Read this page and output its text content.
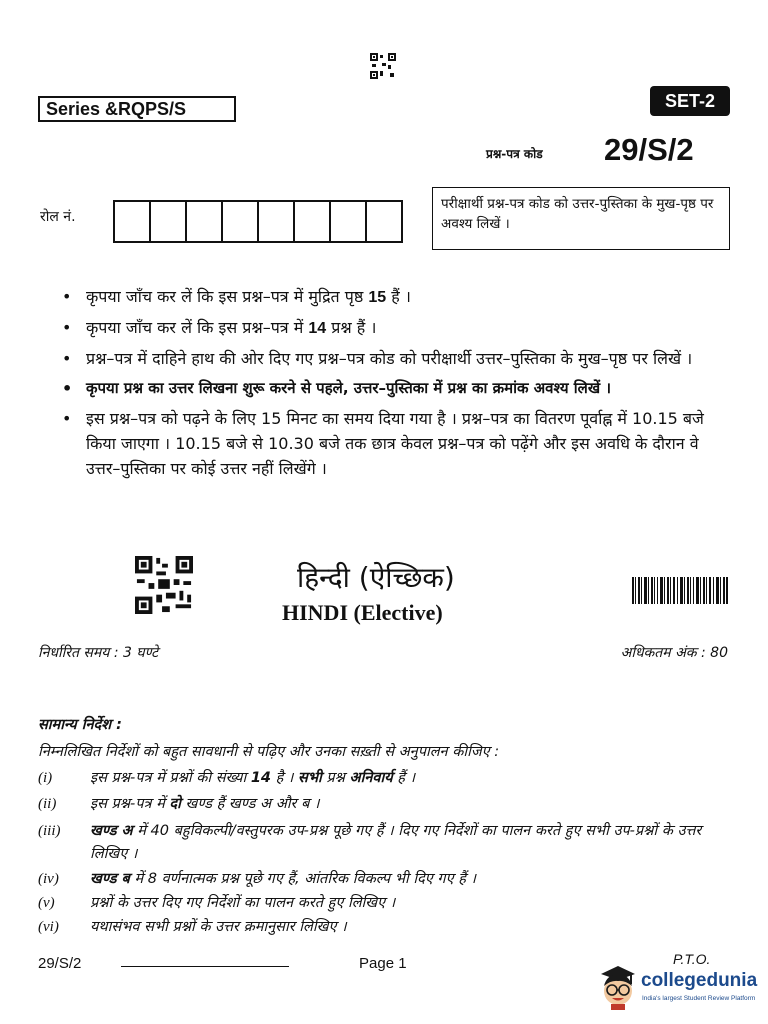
Series &RQPS/S	SET-2
प्रश्न-पत्र कोड 29/S/2
रोल नं.
परीक्षार्थी प्रश्न-पत्र कोड को उत्तर-पुस्तिका के मुख-पृष्ठ पर अवश्य लिखें ।
• कृपया जाँच कर लें कि इस प्रश्न–पत्र में मुद्रित पृष्ठ 15 हैं ।
• कृपया जाँच कर लें कि इस प्रश्न–पत्र में 14 प्रश्न हैं ।
• प्रश्न–पत्र में दाहिने हाथ की ओर दिए गए प्रश्न–पत्र कोड को परीक्षार्थी उत्तर–पुस्तिका के मुख–पृष्ठ पर लिखें ।
• कृपया प्रश्न का उत्तर लिखना शुरू करने से पहले, उत्तर–पुस्तिका में प्रश्न का क्रमांक अवश्य लिखें ।
• इस प्रश्न–पत्र को पढ़ने के लिए 15 मिनट का समय दिया गया है । प्रश्न–पत्र का वितरण पूर्वाह्न में 10.15 बजे किया जाएगा । 10.15 बजे से 10.30 बजे तक छात्र केवल प्रश्न–पत्र को पढ़ेंगे और इस अवधि के दौरान वे उत्तर–पुस्तिका पर कोई उत्तर नहीं लिखेंगे ।
हिन्दी (ऐच्छिक)
HINDI (Elective)
निर्धारित समय : 3 घण्टे	अधिकतम अंक : 80
सामान्य निर्देश :
निम्नलिखित निर्देशों को बहुत सावधानी से पढ़िए और उनका सख़्ती से अनुपालन कीजिए :
(i)	इस प्रश्न-पत्र में प्रश्नों की संख्या 14 है । सभी प्रश्न अनिवार्य हैं ।
(ii) इस प्रश्न-पत्र में दो खण्ड हैं खण्ड अ और ब ।
(iii) खण्ड अ में 40 बहुविकल्पी/वस्तुपरक उप-प्रश्न पूछे गए हैं । दिए गए निर्देशों का पालन करते हुए सभी उप-प्रश्नों के उत्तर लिखिए ।
(iv) खण्ड ब में 8 वर्णनात्मक प्रश्न पूछे गए हैं, आंतरिक विकल्प भी दिए गए हैं ।
(v) प्रश्नों के उत्तर दिए गए निर्देशों का पालन करते हुए लिखिए ।
(vi) यथासंभव सभी प्रश्नों के उत्तर क्रमानुसार लिखिए ।
29/S/2	Page 1	P.T.O.
collegedunia
India's largest Student Review Platform
